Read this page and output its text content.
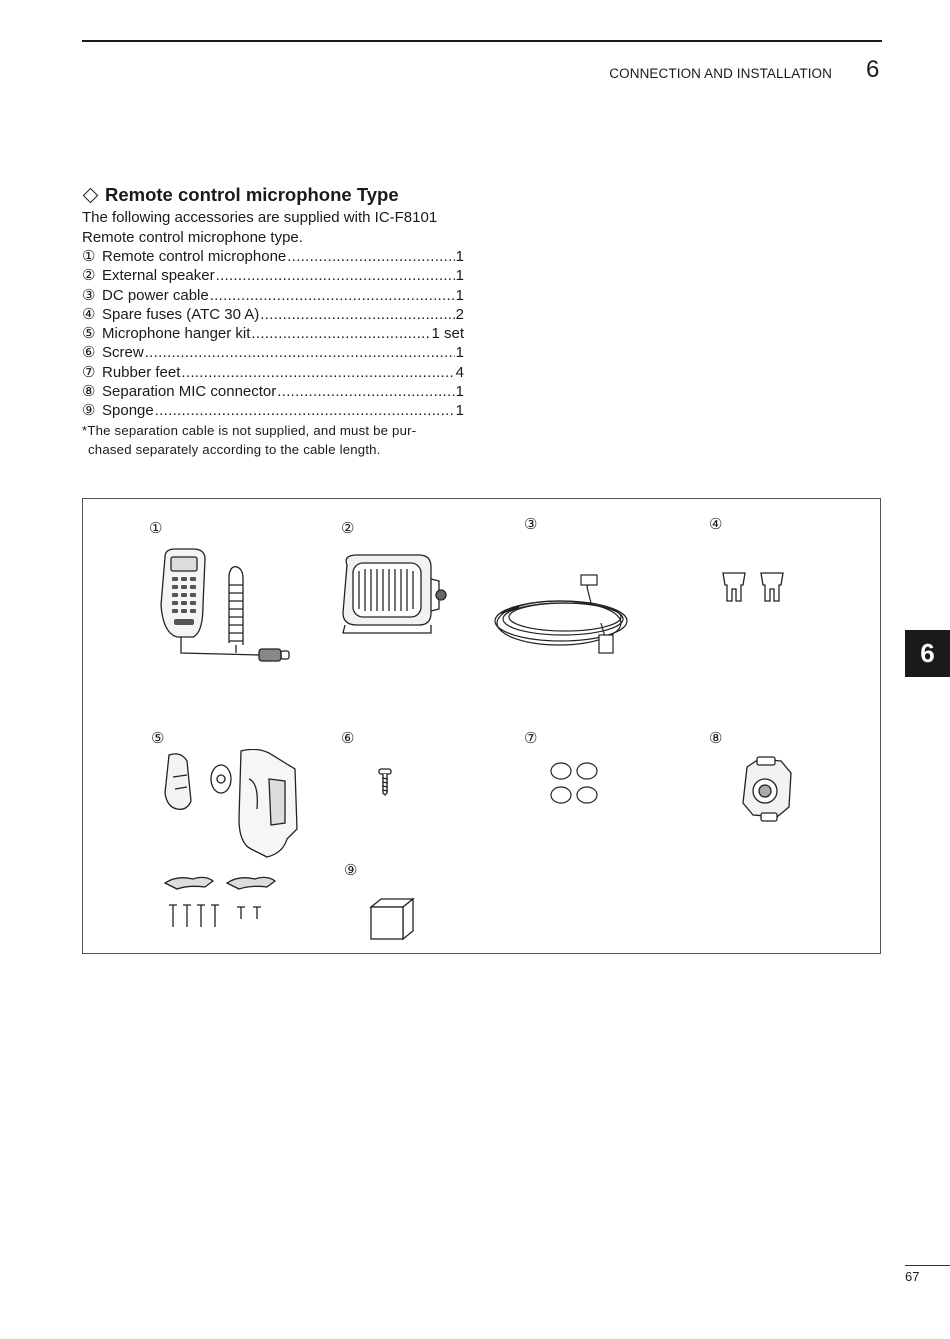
CONNECTION AND INSTALLATION 6
Remote control microphone Type

The following accessories are supplied with IC-F8101
Remote control microphone type.

① Remote control microphone .....	1
② External speaker .....	1
③ DC power cable .....	1
④ Spare fuses (ATC 30 A) .....	2
⑤ Microphone hanger kit .....	1 set
⑥ Screw .....	1
⑦ Rubber feet .....	4
⑧ Separation MIC connector .....	1
⑨ Sponge .....	1

*The separation cable is not supplied, and must be pur-

chased separately according to the cable length.

①	②	③	④
⑤	⑥	⑦	⑧
⑨
6
67
